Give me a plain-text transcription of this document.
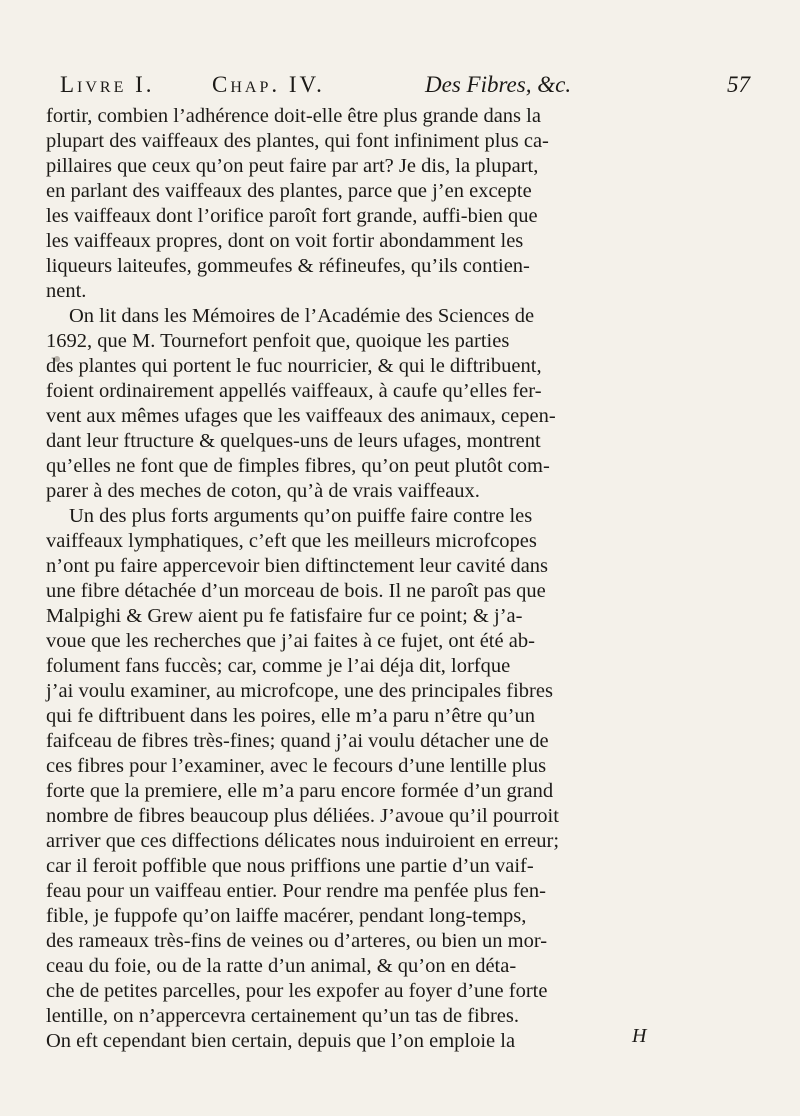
Livre I. Chap. IV.	Des Fibres, &c.	57
fortir, combien l’adhérence doit-elle être plus grande dans la
plupart des vaiffeaux des plantes, qui font infiniment plus ca-
pillaires que ceux qu’on peut faire par art? Je dis, la plupart,
en parlant des vaiffeaux des plantes, parce que j’en excepte
les vaiffeaux dont l’orifice paroît fort grande, auffi-bien que
les vaiffeaux propres, dont on voit fortir abondamment les
liqueurs laiteufes, gommeufes & réfineufes, qu’ils contien-
nent.
On lit dans les Mémoires de l’Académie des Sciences de
1692, que M. Tournefort penfoit que, quoique les parties
des plantes qui portent le fuc nourricier, & qui le diftribuent,
foient ordinairement appellés vaiffeaux, à caufe qu’elles fer-
vent aux mêmes ufages que les vaiffeaux des animaux, cepen-
dant leur ftructure & quelques-uns de leurs ufages, montrent
qu’elles ne font que de fimples fibres, qu’on peut plutôt com-
parer à des meches de coton, qu’à de vrais vaiffeaux.
Un des plus forts arguments qu’on puiffe faire contre les
vaiffeaux lymphatiques, c’eft que les meilleurs microfcopes
n’ont pu faire appercevoir bien diftinctement leur cavité dans
une fibre détachée d’un morceau de bois. Il ne paroît pas que
Malpighi & Grew aient pu fe fatisfaire fur ce point; & j’a-
voue que les recherches que j’ai faites à ce fujet, ont été ab-
folument fans fuccès; car, comme je l’ai déja dit, lorfque
j’ai voulu examiner, au microfcope, une des principales fibres
qui fe diftribuent dans les poires, elle m’a paru n’être qu’un
faifceau de fibres très-fines; quand j’ai voulu détacher une de
ces fibres pour l’examiner, avec le fecours d’une lentille plus
forte que la premiere, elle m’a paru encore formée d’un grand
nombre de fibres beaucoup plus déliées. J’avoue qu’il pourroit
arriver que ces diffections délicates nous induiroient en erreur;
car il feroit poffible que nous priffions une partie d’un vaif-
feau pour un vaiffeau entier. Pour rendre ma penfée plus fen-
fible, je fuppofe qu’on laiffe macérer, pendant long-temps,
des rameaux très-fins de veines ou d’arteres, ou bien un mor-
ceau du foie, ou de la ratte d’un animal, & qu’on en déta-
che de petites parcelles, pour les expofer au foyer d’une forte
lentille, on n’appercevra certainement qu’un tas de fibres.
On eft cependant bien certain, depuis que l’on emploie la	H
